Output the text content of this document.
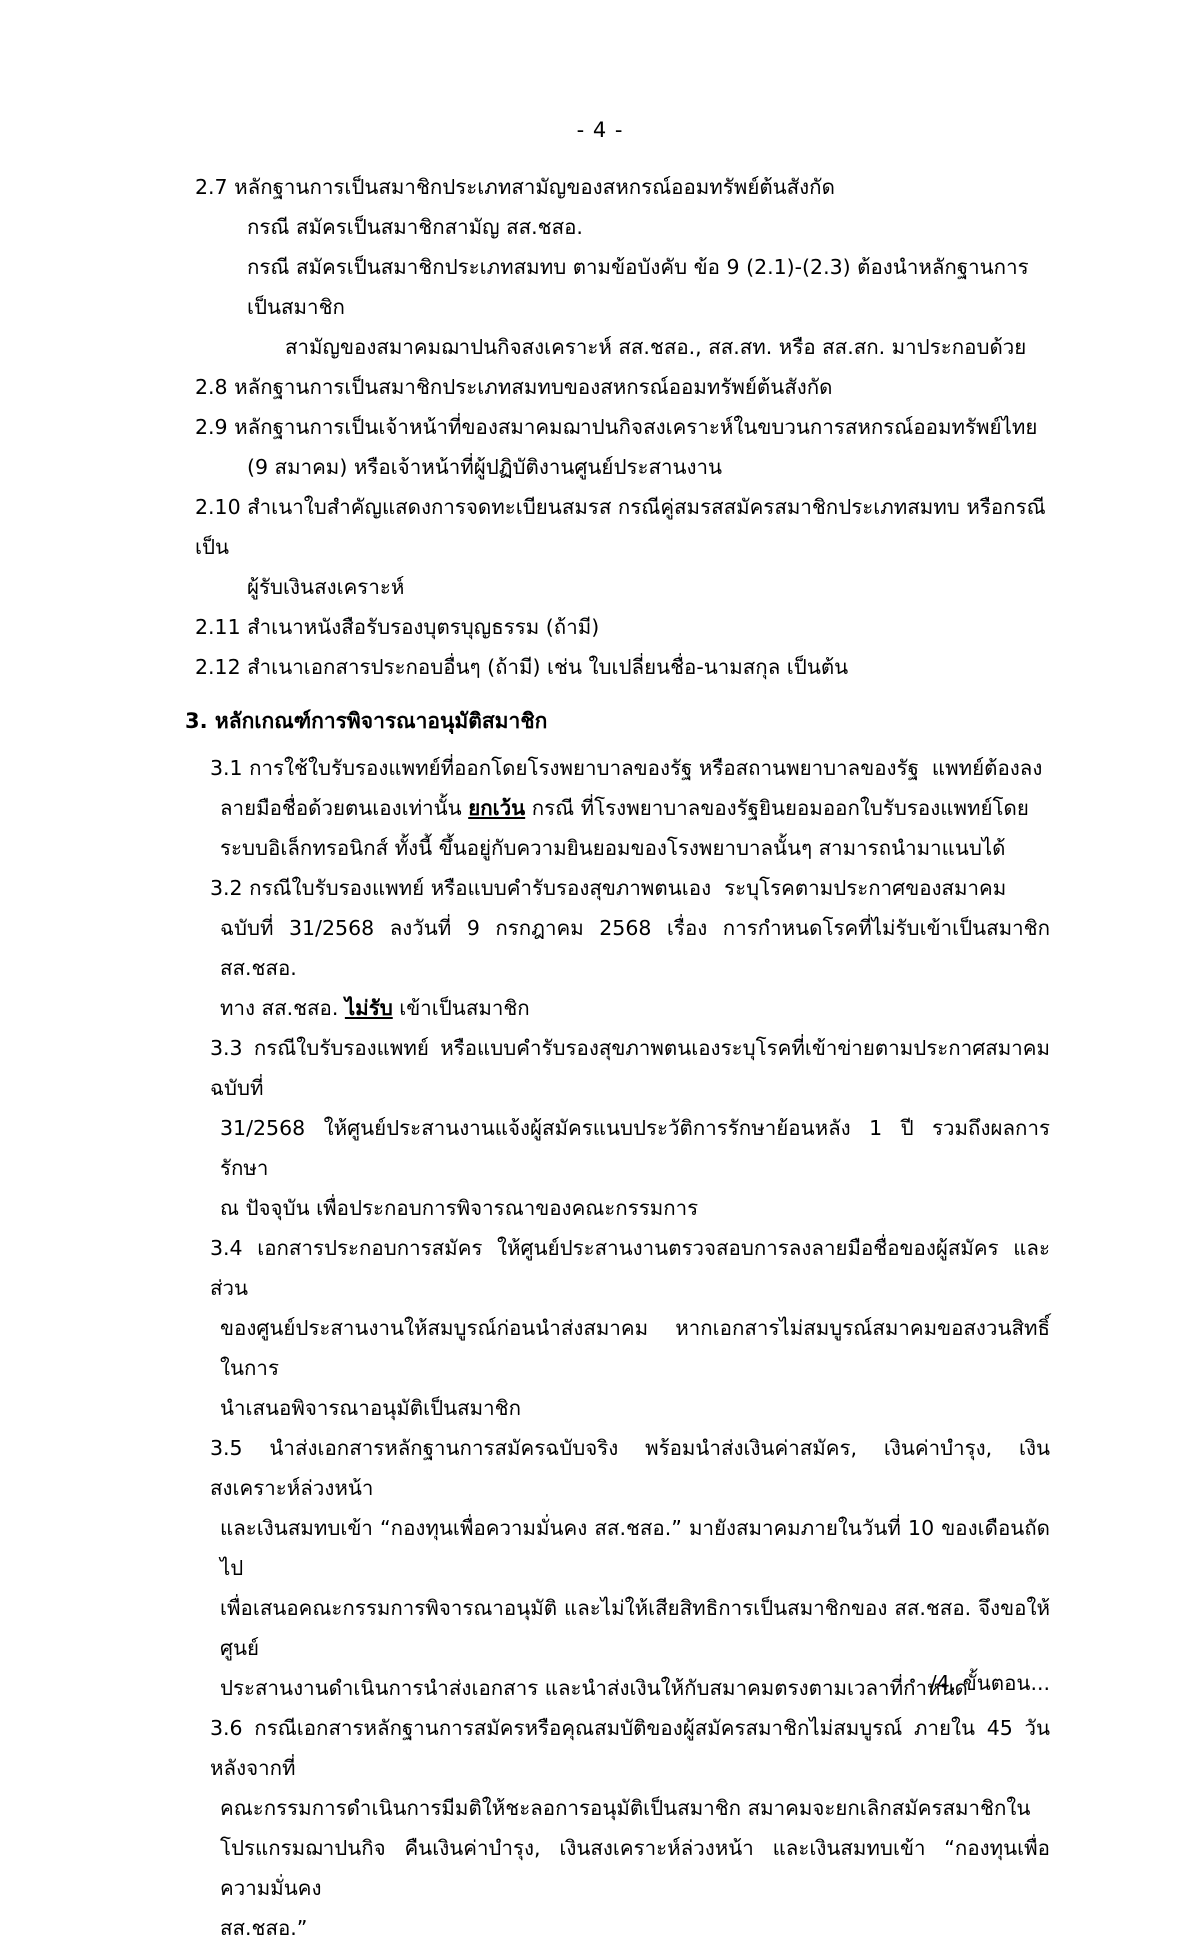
- 4 -
2.7 หลักฐานการเป็นสมาชิกประเภทสามัญของสหกรณ์ออมทรัพย์ต้นสังกัด
กรณี สมัครเป็นสมาชิกสามัญ สส.ชสอ.
กรณี สมัครเป็นสมาชิกประเภทสมทบ ตามข้อบังคับ ข้อ 9 (2.1)-(2.3) ต้องนำหลักฐานการเป็นสมาชิก
สามัญของสมาคมฌาปนกิจสงเคราะห์ สส.ชสอ., สส.สท. หรือ สส.สก. มาประกอบด้วย
2.8 หลักฐานการเป็นสมาชิกประเภทสมทบของสหกรณ์ออมทรัพย์ต้นสังกัด
2.9 หลักฐานการเป็นเจ้าหน้าที่ของสมาคมฌาปนกิจสงเคราะห์ในขบวนการสหกรณ์ออมทรัพย์ไทย
(9 สมาคม) หรือเจ้าหน้าที่ผู้ปฏิบัติงานศูนย์ประสานงาน
2.10 สำเนาใบสำคัญแสดงการจดทะเบียนสมรส กรณีคู่สมรสสมัครสมาชิกประเภทสมทบ หรือกรณีเป็น
ผู้รับเงินสงเคราะห์
2.11 สำเนาหนังสือรับรองบุตรบุญธรรม (ถ้ามี)
2.12 สำเนาเอกสารประกอบอื่นๆ (ถ้ามี) เช่น ใบเปลี่ยนชื่อ-นามสกุล เป็นต้น
3. หลักเกณฑ์การพิจารณาอนุมัติสมาชิก
3.1 การใช้ใบรับรองแพทย์ที่ออกโดยโรงพยาบาลของรัฐ หรือสถานพยาบาลของรัฐ  แพทย์ต้องลง
ลายมือชื่อด้วยตนเองเท่านั้น ยกเว้น กรณี ที่โรงพยาบาลของรัฐยินยอมออกใบรับรองแพทย์โดย
ระบบอิเล็กทรอนิกส์ ทั้งนี้ ขึ้นอยู่กับความยินยอมของโรงพยาบาลนั้นๆ สามารถนำมาแนบได้
3.2 กรณีใบรับรองแพทย์ หรือแบบคำรับรองสุขภาพตนเอง  ระบุโรคตามประกาศของสมาคม
ฉบับที่ 31/2568 ลงวันที่ 9 กรกฎาคม 2568 เรื่อง การกำหนดโรคที่ไม่รับเข้าเป็นสมาชิก สส.ชสอ.
ทาง สส.ชสอ. ไม่รับ เข้าเป็นสมาชิก
3.3 กรณีใบรับรองแพทย์ หรือแบบคำรับรองสุขภาพตนเองระบุโรคที่เข้าข่ายตามประกาศสมาคมฉบับที่
31/2568 ให้ศูนย์ประสานงานแจ้งผู้สมัครแนบประวัติการรักษาย้อนหลัง 1 ปี รวมถึงผลการรักษา
ณ ปัจจุบัน เพื่อประกอบการพิจารณาของคณะกรรมการ
3.4 เอกสารประกอบการสมัคร ให้ศูนย์ประสานงานตรวจสอบการลงลายมือชื่อของผู้สมัคร และส่วน
ของศูนย์ประสานงานให้สมบูรณ์ก่อนนำส่งสมาคม หากเอกสารไม่สมบูรณ์สมาคมขอสงวนสิทธิ์ในการ
นำเสนอพิจารณาอนุมัติเป็นสมาชิก
3.5 นำส่งเอกสารหลักฐานการสมัครฉบับจริง พร้อมนำส่งเงินค่าสมัคร, เงินค่าบำรุง, เงินสงเคราะห์ล่วงหน้า
และเงินสมทบเข้า “กองทุนเพื่อความมั่นคง สส.ชสอ.” มายังสมาคมภายในวันที่ 10 ของเดือนถัดไป
เพื่อเสนอคณะกรรมการพิจารณาอนุมัติ และไม่ให้เสียสิทธิการเป็นสมาชิกของ สส.ชสอ. จึงขอให้ศูนย์
ประสานงานดำเนินการนำส่งเอกสาร และนำส่งเงินให้กับสมาคมตรงตามเวลาที่กำหนด
3.6 กรณีเอกสารหลักฐานการสมัครหรือคุณสมบัติของผู้สมัครสมาชิกไม่สมบูรณ์ ภายใน 45 วัน หลังจากที่
คณะกรรมการดำเนินการมีมติให้ชะลอการอนุมัติเป็นสมาชิก สมาคมจะยกเลิกสมัครสมาชิกใน
โปรแกรมฌาปนกิจ คืนเงินค่าบำรุง, เงินสงเคราะห์ล่วงหน้า และเงินสมทบเข้า “กองทุนเพื่อความมั่นคง
สส.ชสอ.”
/4. ขั้นตอน...
